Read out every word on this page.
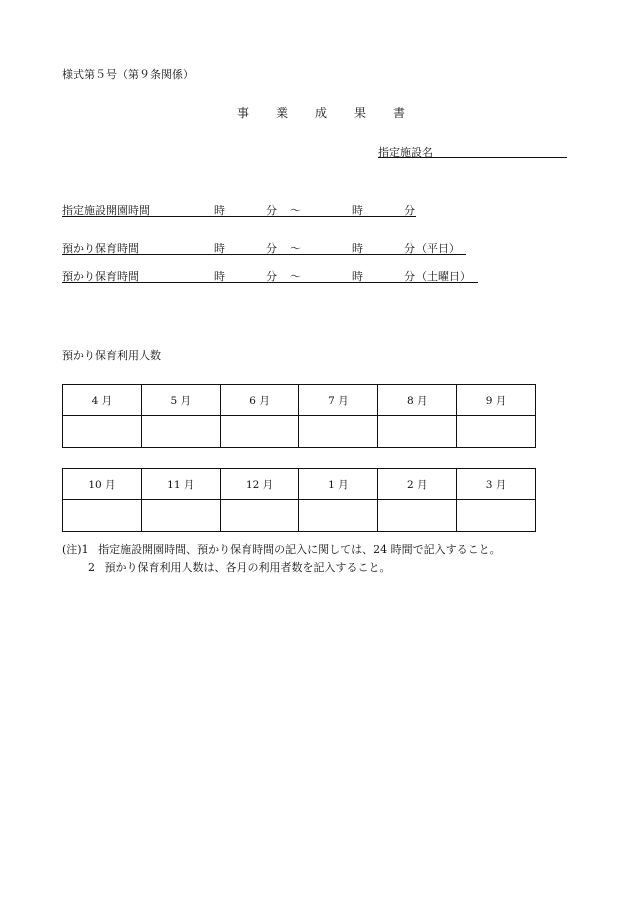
様式第５号（第９条関係）
事　　業　　成　　果　　書
指定施設名
指定施設開園時間	時	分 〜	時	分
預かり保育時間	時	分 〜	時	分 （平日）
預かり保育時間	時	分 〜	時	分 （土曜日）
預かり保育利用人数
4 月	5 月	6 月	7 月	8 月	9 月

10 月	11 月	12 月	1 月	2 月	3 月

(注)1 指定施設開園時間、預かり保育時間の記入に関しては、24 時間で記入すること。
2 預かり保育利用人数は、各月の利用者数を記入すること。
